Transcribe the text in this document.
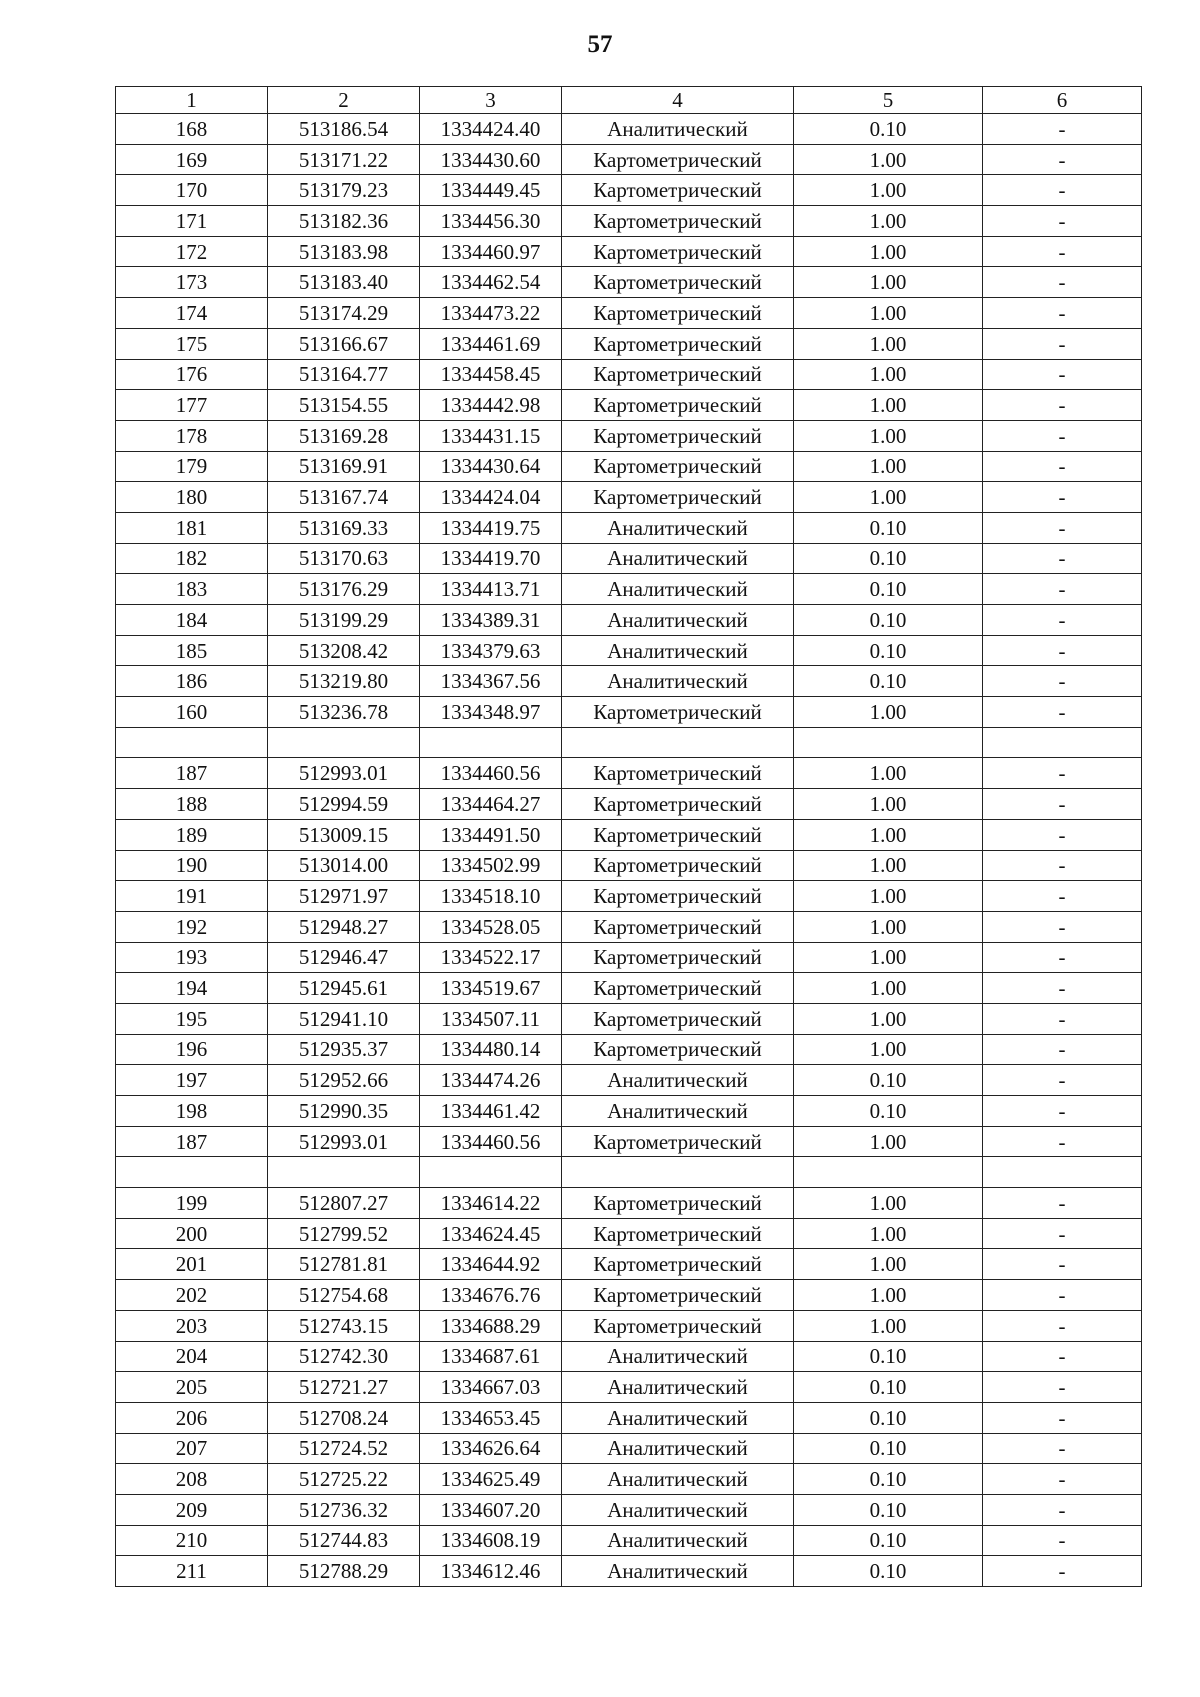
57
1	2	3	4	5	6
168	513186.54	1334424.40	Аналитический	0.10	-
169	513171.22	1334430.60	Картометрический	1.00	-
170	513179.23	1334449.45	Картометрический	1.00	-
171	513182.36	1334456.30	Картометрический	1.00	-
172	513183.98	1334460.97	Картометрический	1.00	-
173	513183.40	1334462.54	Картометрический	1.00	-
174	513174.29	1334473.22	Картометрический	1.00	-
175	513166.67	1334461.69	Картометрический	1.00	-
176	513164.77	1334458.45	Картометрический	1.00	-
177	513154.55	1334442.98	Картометрический	1.00	-
178	513169.28	1334431.15	Картометрический	1.00	-
179	513169.91	1334430.64	Картометрический	1.00	-
180	513167.74	1334424.04	Картометрический	1.00	-
181	513169.33	1334419.75	Аналитический	0.10	-
182	513170.63	1334419.70	Аналитический	0.10	-
183	513176.29	1334413.71	Аналитический	0.10	-
184	513199.29	1334389.31	Аналитический	0.10	-
185	513208.42	1334379.63	Аналитический	0.10	-
186	513219.80	1334367.56	Аналитический	0.10	-
160	513236.78	1334348.97	Картометрический	1.00	-

187	512993.01	1334460.56	Картометрический	1.00	-
188	512994.59	1334464.27	Картометрический	1.00	-
189	513009.15	1334491.50	Картометрический	1.00	-
190	513014.00	1334502.99	Картометрический	1.00	-
191	512971.97	1334518.10	Картометрический	1.00	-
192	512948.27	1334528.05	Картометрический	1.00	-
193	512946.47	1334522.17	Картометрический	1.00	-
194	512945.61	1334519.67	Картометрический	1.00	-
195	512941.10	1334507.11	Картометрический	1.00	-
196	512935.37	1334480.14	Картометрический	1.00	-
197	512952.66	1334474.26	Аналитический	0.10	-
198	512990.35	1334461.42	Аналитический	0.10	-
187	512993.01	1334460.56	Картометрический	1.00	-

199	512807.27	1334614.22	Картометрический	1.00	-
200	512799.52	1334624.45	Картометрический	1.00	-
201	512781.81	1334644.92	Картометрический	1.00	-
202	512754.68	1334676.76	Картометрический	1.00	-
203	512743.15	1334688.29	Картометрический	1.00	-
204	512742.30	1334687.61	Аналитический	0.10	-
205	512721.27	1334667.03	Аналитический	0.10	-
206	512708.24	1334653.45	Аналитический	0.10	-
207	512724.52	1334626.64	Аналитический	0.10	-
208	512725.22	1334625.49	Аналитический	0.10	-
209	512736.32	1334607.20	Аналитический	0.10	-
210	512744.83	1334608.19	Аналитический	0.10	-
211	512788.29	1334612.46	Аналитический	0.10	-
